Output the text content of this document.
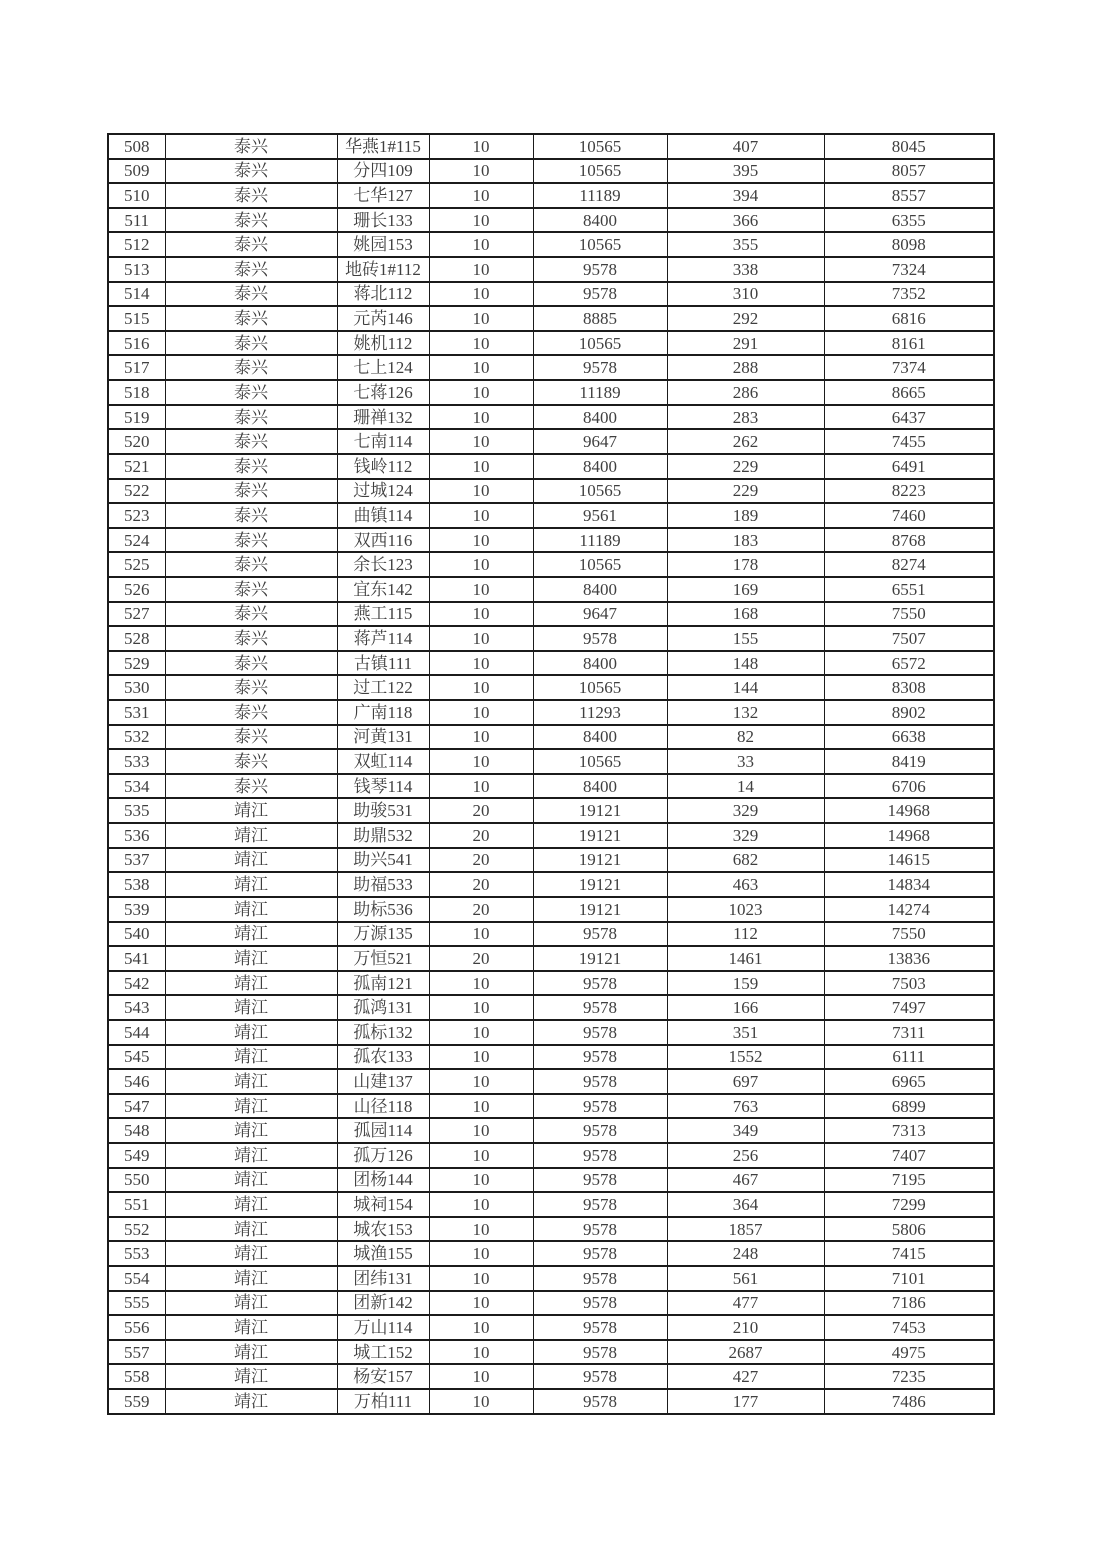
508	泰兴	华燕1#115	10	10565	407	8045
509	泰兴	分四109	10	10565	395	8057
510	泰兴	七华127	10	11189	394	8557
511	泰兴	珊长133	10	8400	366	6355
512	泰兴	姚园153	10	10565	355	8098
513	泰兴	地砖1#112	10	9578	338	7324
514	泰兴	蒋北112	10	9578	310	7352
515	泰兴	元芮146	10	8885	292	6816
516	泰兴	姚机112	10	10565	291	8161
517	泰兴	七上124	10	9578	288	7374
518	泰兴	七蒋126	10	11189	286	8665
519	泰兴	珊禅132	10	8400	283	6437
520	泰兴	七南114	10	9647	262	7455
521	泰兴	钱岭112	10	8400	229	6491
522	泰兴	过城124	10	10565	229	8223
523	泰兴	曲镇114	10	9561	189	7460
524	泰兴	双西116	10	11189	183	8768
525	泰兴	余长123	10	10565	178	8274
526	泰兴	宜东142	10	8400	169	6551
527	泰兴	燕工115	10	9647	168	7550
528	泰兴	蒋芦114	10	9578	155	7507
529	泰兴	古镇111	10	8400	148	6572
530	泰兴	过工122	10	10565	144	8308
531	泰兴	广南118	10	11293	132	8902
532	泰兴	河黄131	10	8400	82	6638
533	泰兴	双虹114	10	10565	33	8419
534	泰兴	钱琴114	10	8400	14	6706
535	靖江	助骏531	20	19121	329	14968
536	靖江	助鼎532	20	19121	329	14968
537	靖江	助兴541	20	19121	682	14615
538	靖江	助福533	20	19121	463	14834
539	靖江	助标536	20	19121	1023	14274
540	靖江	万源135	10	9578	112	7550
541	靖江	万恒521	20	19121	1461	13836
542	靖江	孤南121	10	9578	159	7503
543	靖江	孤鸿131	10	9578	166	7497
544	靖江	孤标132	10	9578	351	7311
545	靖江	孤农133	10	9578	1552	6111
546	靖江	山建137	10	9578	697	6965
547	靖江	山径118	10	9578	763	6899
548	靖江	孤园114	10	9578	349	7313
549	靖江	孤万126	10	9578	256	7407
550	靖江	团杨144	10	9578	467	7195
551	靖江	城祠154	10	9578	364	7299
552	靖江	城农153	10	9578	1857	5806
553	靖江	城渔155	10	9578	248	7415
554	靖江	团纬131	10	9578	561	7101
555	靖江	团新142	10	9578	477	7186
556	靖江	万山114	10	9578	210	7453
557	靖江	城工152	10	9578	2687	4975
558	靖江	杨安157	10	9578	427	7235
559	靖江	万柏111	10	9578	177	7486
